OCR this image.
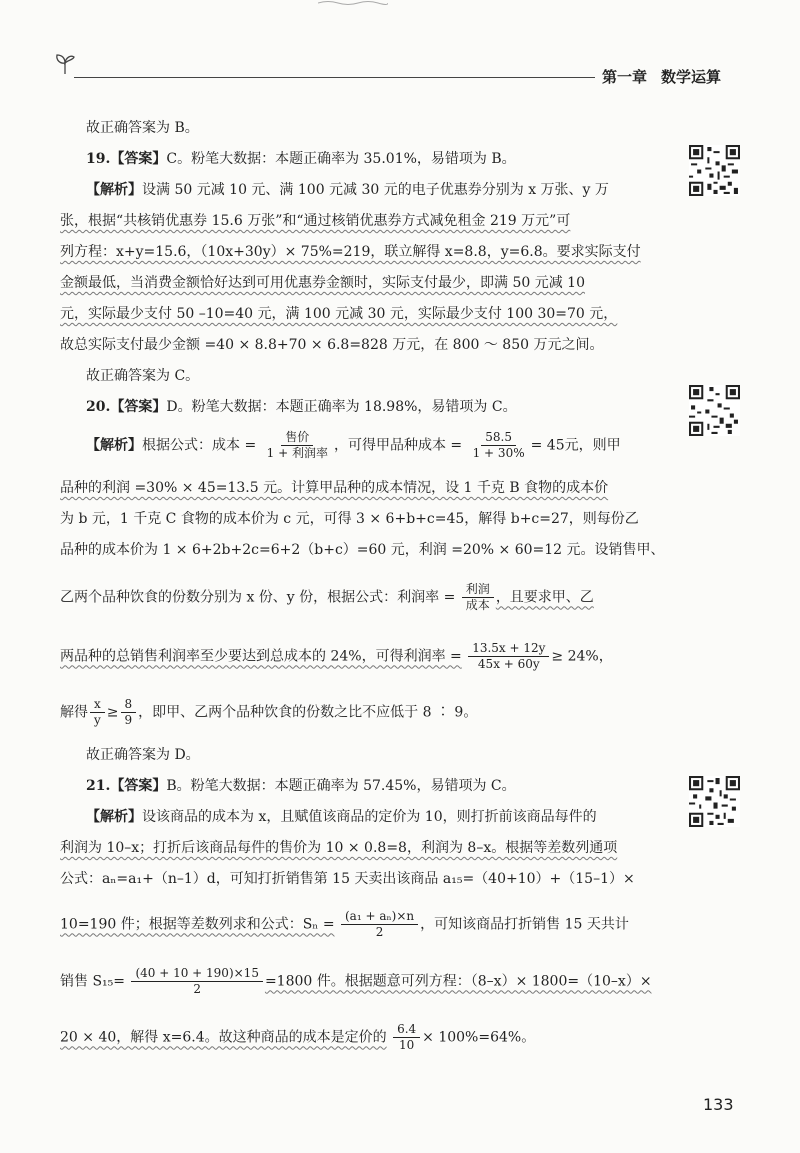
第一章 数学运算
故正确答案为 B。
19.【答案】C。粉笔大数据：本题正确率为 35.01%，易错项为 B。
【解析】设满 50 元减 10 元、满 100 元减 30 元的电子优惠券分别为 x 万张、y 万
张，根据“共核销优惠券 15.6 万张”和“通过核销优惠券方式减免租金 219 万元”可
列方程：x+y=15.6，（10x+30y）× 75%=219，联立解得 x=8.8，y=6.8。要求实际支付
金额最低，当消费金额恰好达到可用优惠券金额时，实际支付最少，即满 50 元减 10
元，实际最少支付 50 –10=40 元，满 100 元减 30 元，实际最少支付 100 30=70 元，
故总实际支付最少金额 =40 × 8.8+70 × 6.8=828 万元，在 800 ～ 850 万元之间。
故正确答案为 C。
20.【答案】D。粉笔大数据：本题正确率为 18.98%，易错项为 C。
【解析】根据公式：成本 = $\frac{\text{售价}}{\text{1 + 利润率}}$ ，可得甲品种成本 = $\frac{58.5}{1 + 30\%} = 45$元，则甲
品种的利润 =30% × 45=13.5 元。计算甲品种的成本情况，设 1 千克 B 食物的成本价
为 b 元，1 千克 C 食物的成本价为 c 元，可得 3 × 6+b+c=45，解得 b+c=27，则每份乙
品种的成本价为 1 × 6+2b+2c=6+2（b+c）=60 元，利润 =20% × 60=12 元。设销售甲、
乙两个品种饮食的份数分别为 x 份、y 份，根据公式：利润率 = $\frac{\text{利润}}{\text{成本}}$ ，且要求甲、乙
两品种的总销售利润率至少要达到总成本的 24%，可得利润率 = $\frac{13.5x + 12y}{45x + 60y} \ge 24\%$，
解得 $\frac{x}{y} \ge \frac{8}{9}$ ，即甲、乙两个品种饮食的份数之比不应低于 8 ∶ 9。
故正确答案为 D。
21.【答案】B。粉笔大数据：本题正确率为 57.45%，易错项为 C。
【解析】设该商品的成本为 x，且赋值该商品的定价为 10，则打折前该商品每件的
利润为 10–x；打折后该商品每件的售价为 10 × 0.8=8，利润为 8–x。根据等差数列通项
公式：aₙ=a₁+（n–1）d，可知打折销售第 15 天卖出该商品 a₁₅=（40+10）+（15–1）×
10=190 件；根据等差数列求和公式：$S_n = \frac{\text{(a₁ + aₙ)×n}}{2}$ ，可知该商品打折销售 15 天共计
销售 $S_{15}= \frac{(40 + 10 + 190)\times 15}{2} =1800$ 件。根据题意可列方程：（8–x）× 1800=（10–x）×
20 × 40，解得 x=6.4。故这种商品的成本是定价的 $\frac{6.4}{10} \times 100\%=64\%$。
133
